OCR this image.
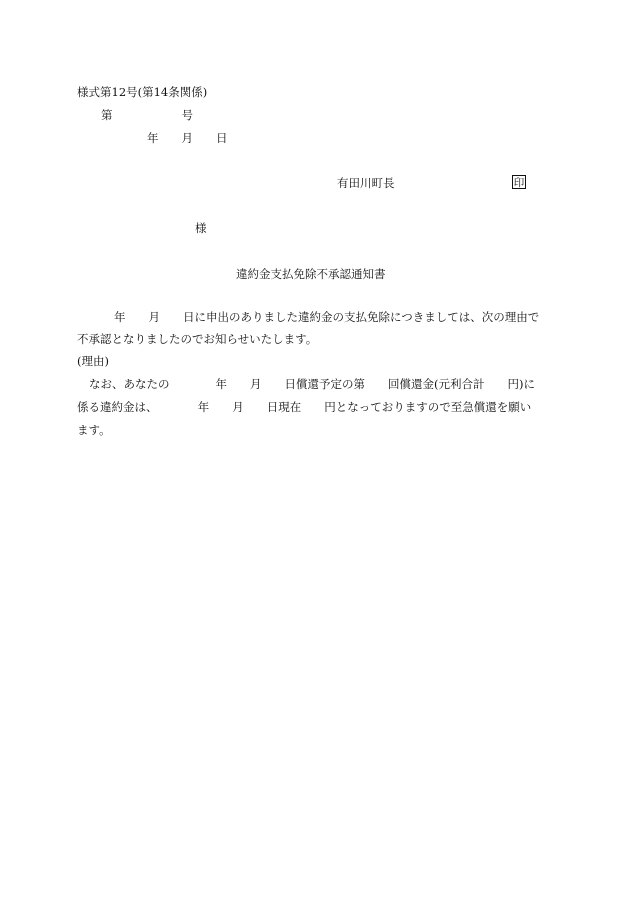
様式第12号(第14条関係)
第　　　　　　号
年　　月　　日
有田川町長	印
様
違約金支払免除不承認通知書
年　　月　　日に申出のありました違約金の支払免除につきましては、次の理由で
不承認となりましたのでお知らせいたします。
(理由)
なお、あなたの　　　　年　　月　　日償還予定の第　　回償還金(元利合計　　円)に
係る違約金は、　　　　年　　月　　日現在　　円となっておりますので至急償還を願い
ます。
